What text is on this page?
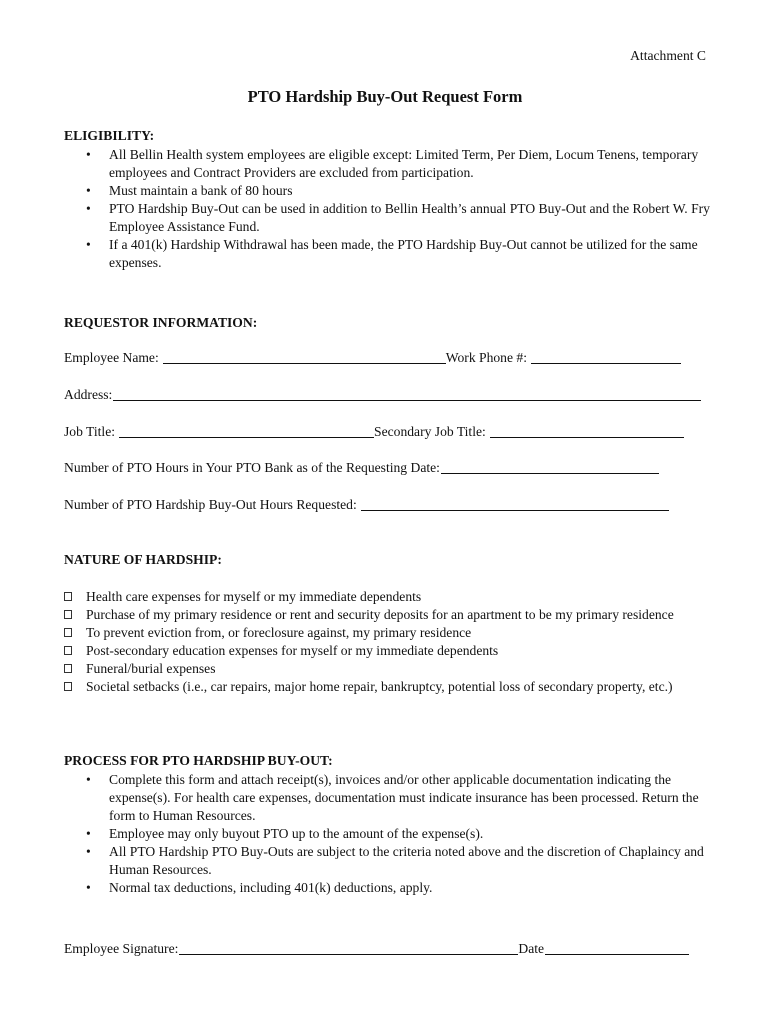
Attachment C
PTO Hardship Buy-Out Request Form
ELIGIBILITY:
• All Bellin Health system employees are eligible except: Limited Term, Per Diem, Locum Tenens, temporary employees and Contract Providers are excluded from participation.
• Must maintain a bank of 80 hours
• PTO Hardship Buy-Out can be used in addition to Bellin Health’s annual PTO Buy-Out and the Robert W. Fry Employee Assistance Fund.
• If a 401(k) Hardship Withdrawal has been made, the PTO Hardship Buy-Out cannot be utilized for the same expenses.
REQUESTOR INFORMATION:
Employee Name:	Work Phone #:
Address:
Job Title:	Secondary Job Title:
Number of PTO Hours in Your PTO Bank as of the Requesting Date:
Number of PTO Hardship Buy-Out Hours Requested:
NATURE OF HARDSHIP:
Health care expenses for myself or my immediate dependents
Purchase of my primary residence or rent and security deposits for an apartment to be my primary residence
To prevent eviction from, or foreclosure against, my primary residence
Post-secondary education expenses for myself or my immediate dependents
Funeral/burial expenses
Societal setbacks (i.e., car repairs, major home repair, bankruptcy, potential loss of secondary property, etc.)
PROCESS FOR PTO HARDSHIP BUY-OUT:
• Complete this form and attach receipt(s), invoices and/or other applicable documentation indicating the expense(s). For health care expenses, documentation must indicate insurance has been processed. Return the form to Human Resources.
• Employee may only buyout PTO up to the amount of the expense(s).
• All PTO Hardship PTO Buy-Outs are subject to the criteria noted above and the discretion of Chaplaincy and Human Resources.
• Normal tax deductions, including 401(k) deductions, apply.
Employee Signature:	Date
